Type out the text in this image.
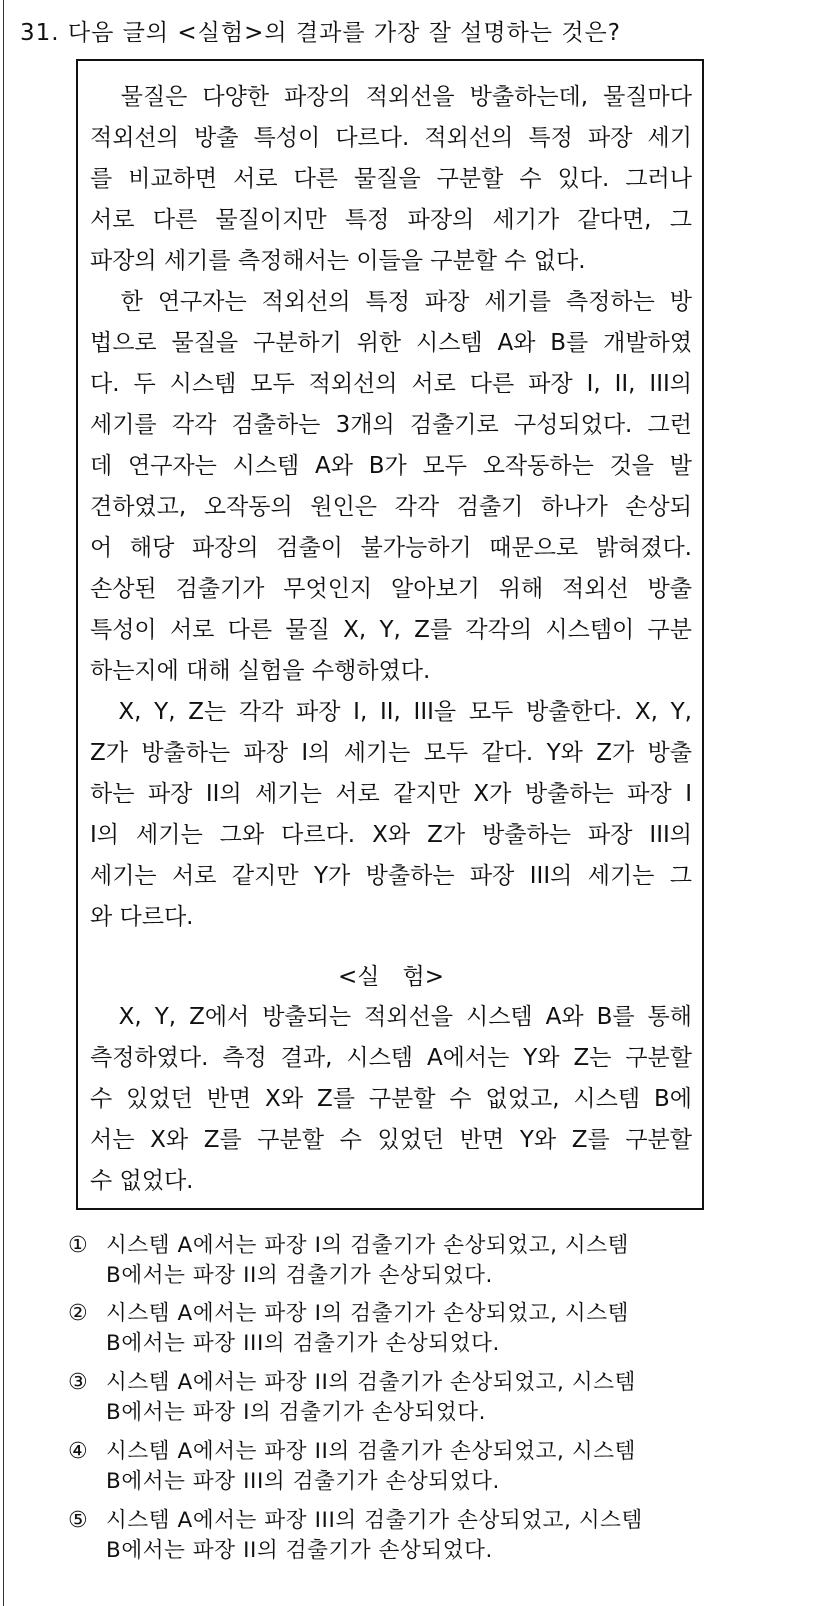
31. 다음 글의 <실험>의 결과를 가장 잘 설명하는 것은?
　물질은 다양한 파장의 적외선을 방출하는데, 물질마다
적외선의 방출 특성이 다르다. 적외선의 특정 파장 세기
를 비교하면 서로 다른 물질을 구분할 수 있다. 그러나
서로 다른 물질이지만 특정 파장의 세기가 같다면, 그
파장의 세기를 측정해서는 이들을 구분할 수 없다.
　한 연구자는 적외선의 특정 파장 세기를 측정하는 방
법으로 물질을 구분하기 위한 시스템 A와 B를 개발하였
다. 두 시스템 모두 적외선의 서로 다른 파장 I, II, III의
세기를 각각 검출하는 3개의 검출기로 구성되었다. 그런
데 연구자는 시스템 A와 B가 모두 오작동하는 것을 발
견하였고, 오작동의 원인은 각각 검출기 하나가 손상되
어 해당 파장의 검출이 불가능하기 때문으로 밝혀졌다.
손상된 검출기가 무엇인지 알아보기 위해 적외선 방출
특성이 서로 다른 물질 X, Y, Z를 각각의 시스템이 구분
하는지에 대해 실험을 수행하였다.
　X, Y, Z는 각각 파장 I, II, III을 모두 방출한다. X, Y,
Z가 방출하는 파장 I의 세기는 모두 같다. Y와 Z가 방출
하는 파장 II의 세기는 서로 같지만 X가 방출하는 파장 I
I의 세기는 그와 다르다. X와 Z가 방출하는 파장 III의
세기는 서로 같지만 Y가 방출하는 파장 III의 세기는 그
와 다르다.
<실　험>
　X, Y, Z에서 방출되는 적외선을 시스템 A와 B를 통해
측정하였다. 측정 결과, 시스템 A에서는 Y와 Z는 구분할
수 있었던 반면 X와 Z를 구분할 수 없었고, 시스템 B에
서는 X와 Z를 구분할 수 있었던 반면 Y와 Z를 구분할
수 없었다.
① 시스템 A에서는 파장 I의 검출기가 손상되었고, 시스템
B에서는 파장 II의 검출기가 손상되었다.
② 시스템 A에서는 파장 I의 검출기가 손상되었고, 시스템
B에서는 파장 III의 검출기가 손상되었다.
③ 시스템 A에서는 파장 II의 검출기가 손상되었고, 시스템
B에서는 파장 I의 검출기가 손상되었다.
④ 시스템 A에서는 파장 II의 검출기가 손상되었고, 시스템
B에서는 파장 III의 검출기가 손상되었다.
⑤ 시스템 A에서는 파장 III의 검출기가 손상되었고, 시스템
B에서는 파장 II의 검출기가 손상되었다.
